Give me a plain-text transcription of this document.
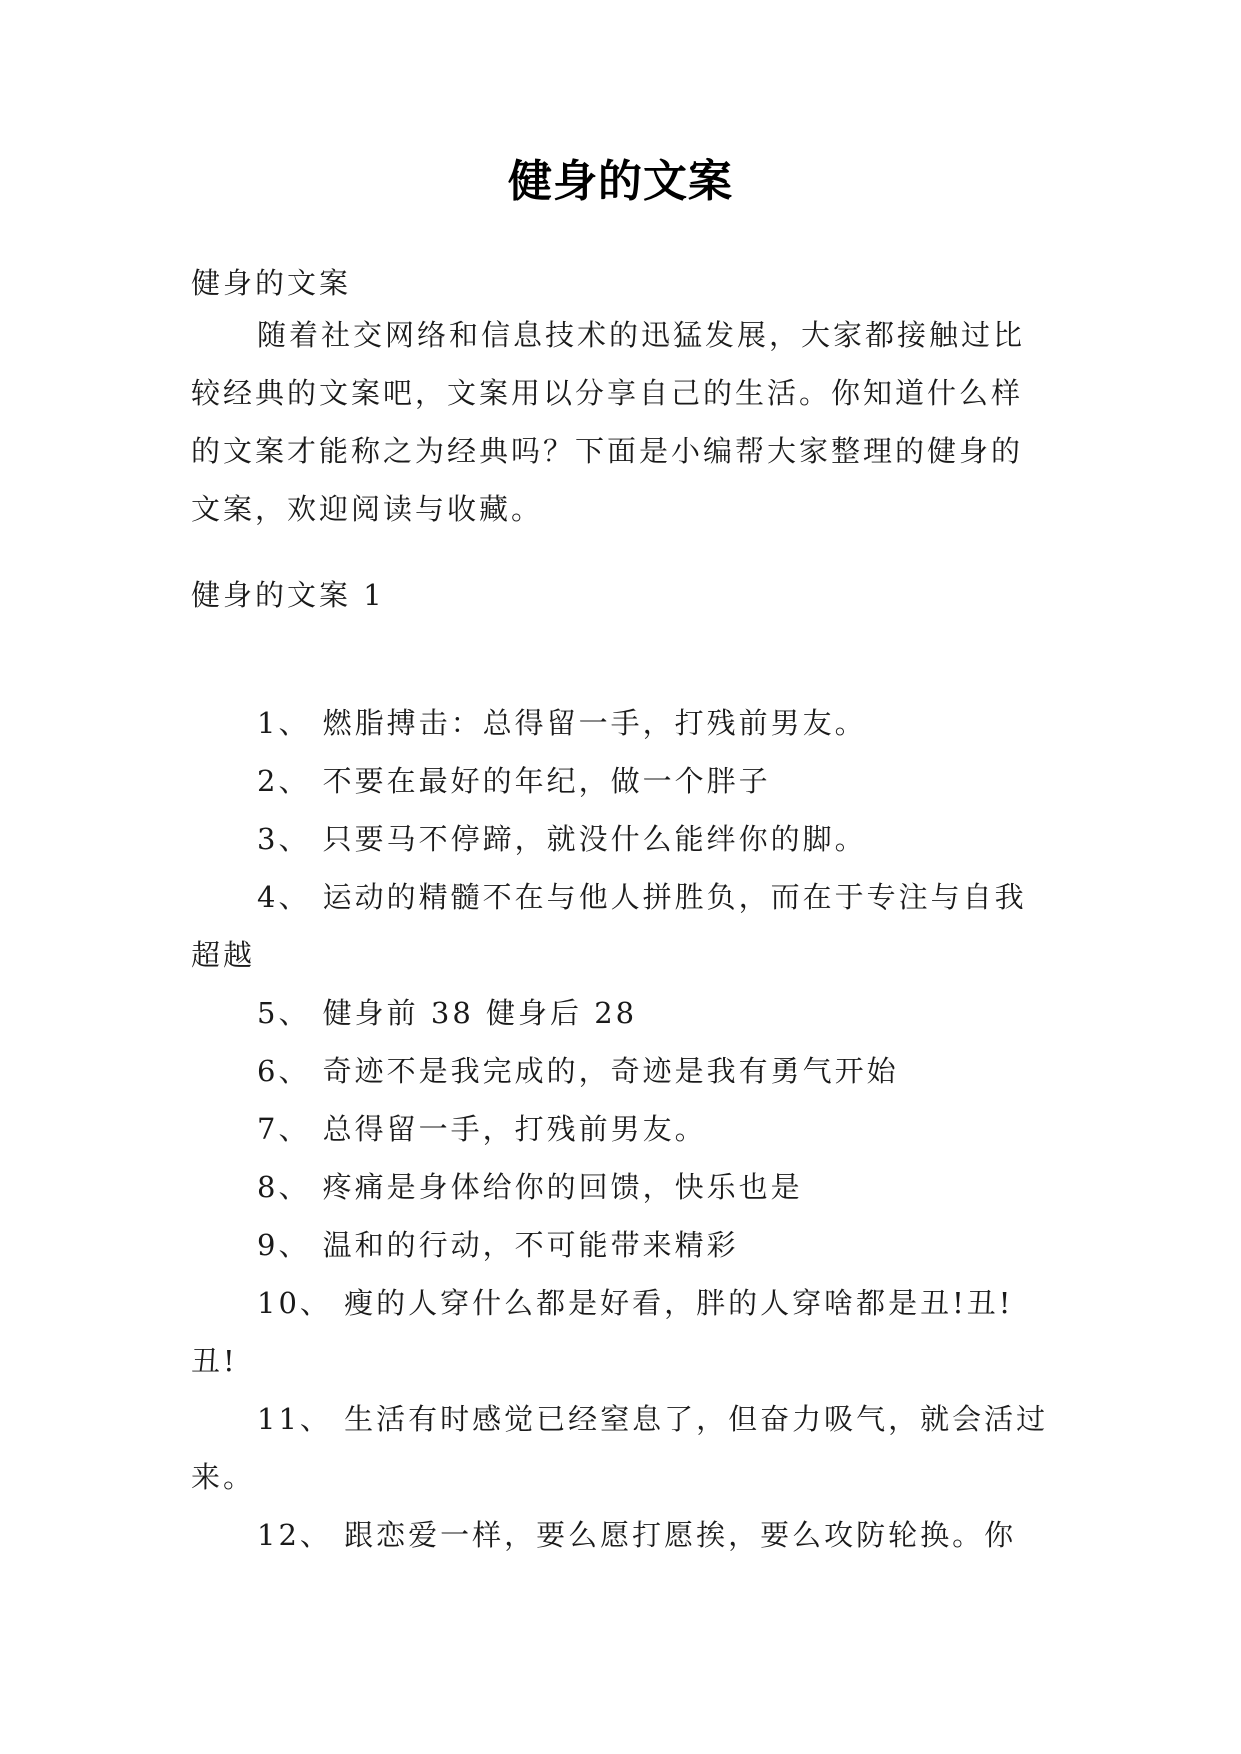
健身的文案
健身的文案
随着社交网络和信息技术的迅猛发展，大家都接触过比较经典的文案吧，文案用以分享自己的生活。你知道什么样的文案才能称之为经典吗？下面是小编帮大家整理的健身的文案，欢迎阅读与收藏。
健身的文案 1
1、 燃脂搏击：总得留一手，打残前男友。
2、 不要在最好的年纪，做一个胖子
3、 只要马不停蹄，就没什么能绊你的脚。
4、 运动的精髓不在与他人拼胜负，而在于专注与自我超越
5、 健身前 38 健身后 28
6、 奇迹不是我完成的，奇迹是我有勇气开始
7、 总得留一手，打残前男友。
8、 疼痛是身体给你的回馈，快乐也是
9、 温和的行动，不可能带来精彩
10、 瘦的人穿什么都是好看，胖的人穿啥都是丑!丑!丑!
11、 生活有时感觉已经窒息了，但奋力吸气，就会活过来。
12、 跟恋爱一样，要么愿打愿挨，要么攻防轮换。你
